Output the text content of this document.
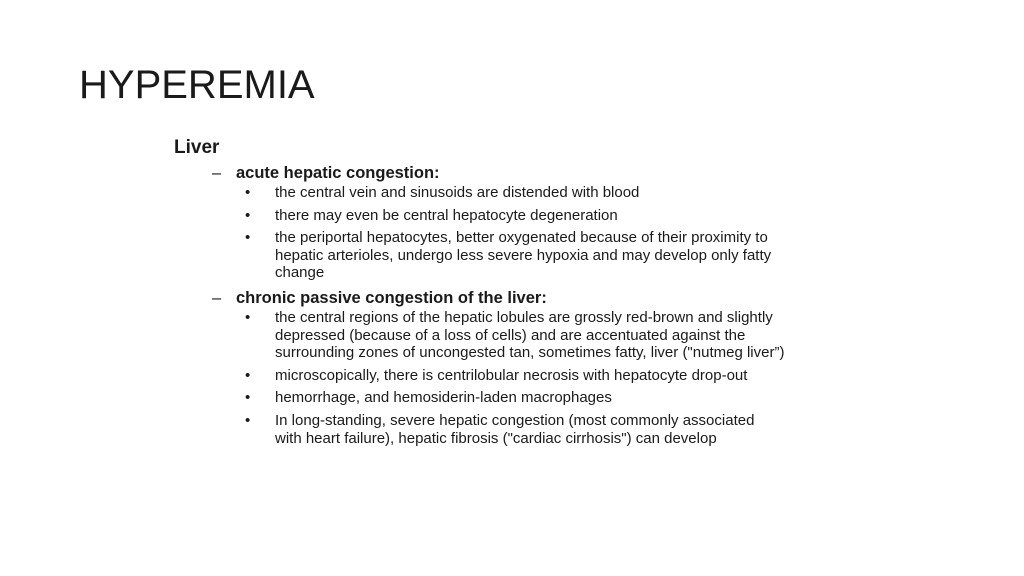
HYPEREMIA
Liver
– acute hepatic congestion:
• the central vein and sinusoids are distended with blood
• there may even be central hepatocyte degeneration
• the periportal hepatocytes, better oxygenated because of their proximity to hepatic arterioles, undergo less severe hypoxia and may develop only fatty change
– chronic passive congestion of the liver:
• the central regions of the hepatic lobules are grossly red-brown and slightly depressed (because of a loss of cells) and are accentuated against the surrounding zones of uncongested tan, sometimes fatty, liver ("nutmeg liver”)
• microscopically, there is centrilobular necrosis with hepatocyte drop-out
• hemorrhage, and hemosiderin-laden macrophages
• In long-standing, severe hepatic congestion (most commonly associated with heart failure), hepatic fibrosis ("cardiac cirrhosis") can develop
